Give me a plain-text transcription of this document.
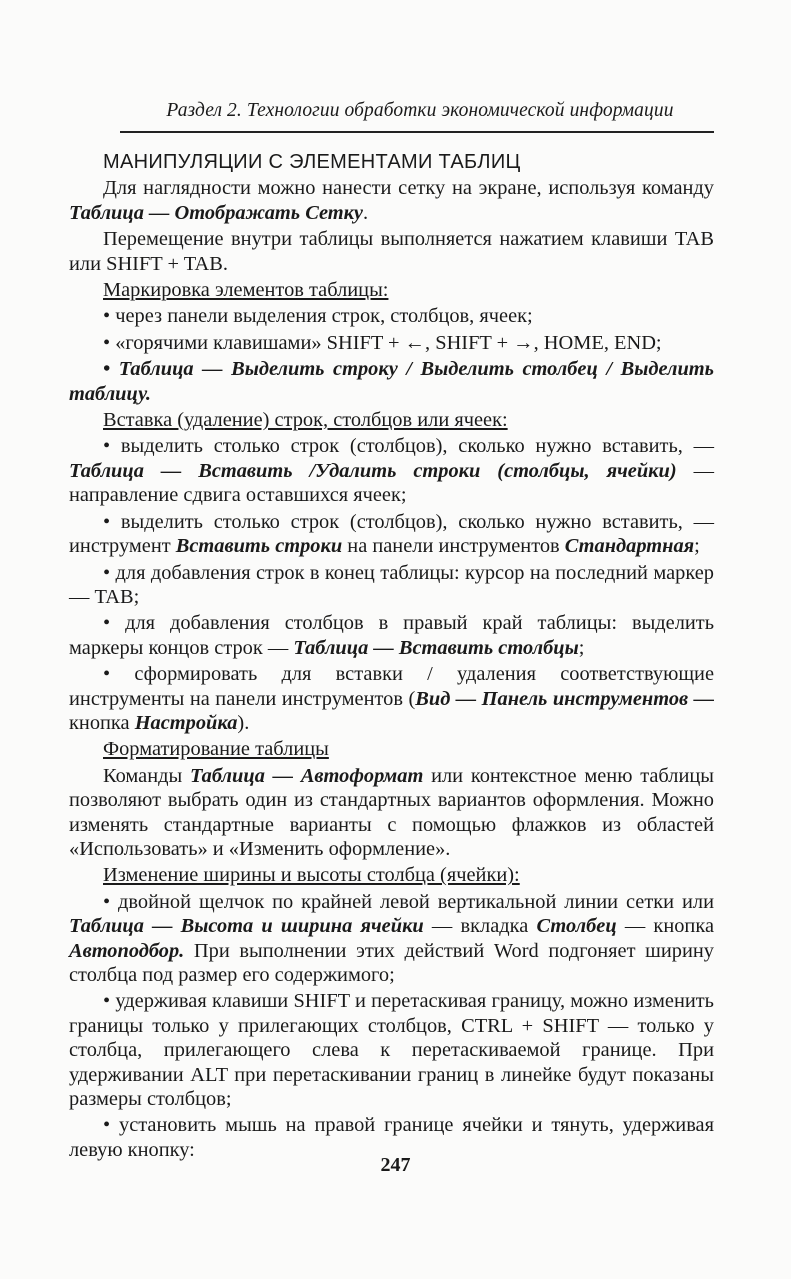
Раздел 2. Технологии обработки экономической информации

МАНИПУЛЯЦИИ С ЭЛЕМЕНТАМИ ТАБЛИЦ

Для наглядности можно нанести сетку на экране, используя команду Таблица — Отображать Сетку.

Перемещение внутри таблицы выполняется нажатием клавиши TAB или SHIFT + TAB.

Маркировка элементов таблицы:

• через панели выделения строк, столбцов, ячеек;

• «горячими клавишами» SHIFT + ←, SHIFT + →, HOME, END;

• Таблица — Выделить строку / Выделить столбец / Выделить таблицу.

Вставка (удаление) строк, столбцов или ячеек:

• выделить столько строк (столбцов), сколько нужно вставить, — Таблица — Вставить /Удалить строки (столбцы, ячейки) — направление сдвига оставшихся ячеек;

• выделить столько строк (столбцов), сколько нужно вставить, — инструмент Вставить строки на панели инструментов Стандартная;

• для добавления строк в конец таблицы: курсор на последний маркер — TAB;

• для добавления столбцов в правый край таблицы: выделить маркеры концов строк — Таблица — Вставить столбцы;

• сформировать для вставки / удаления соответствующие инструменты на панели инструментов (Вид — Панель инструментов — кнопка Настройка).

Форматирование таблицы

Команды Таблица — Автоформат или контекстное меню таблицы позволяют выбрать один из стандартных вариантов оформления. Можно изменять стандартные варианты с помощью флажков из областей «Использовать» и «Изменить оформление».

Изменение ширины и высоты столбца (ячейки):

• двойной щелчок по крайней левой вертикальной линии сетки или Таблица — Высота и ширина ячейки — вкладка Столбец — кнопка Автоподбор. При выполнении этих действий Word подгоняет ширину столбца под размер его содержимого;

• удерживая клавиши SHIFT и перетаскивая границу, можно изменить границы только у прилегающих столбцов, CTRL + SHIFT — только у столбца, прилегающего слева к перетаскиваемой границе. При удерживании ALT при перетаскивании границ в линейке будут показаны размеры столбцов;

• установить мышь на правой границе ячейки и тянуть, удерживая левую кнопку:

247
